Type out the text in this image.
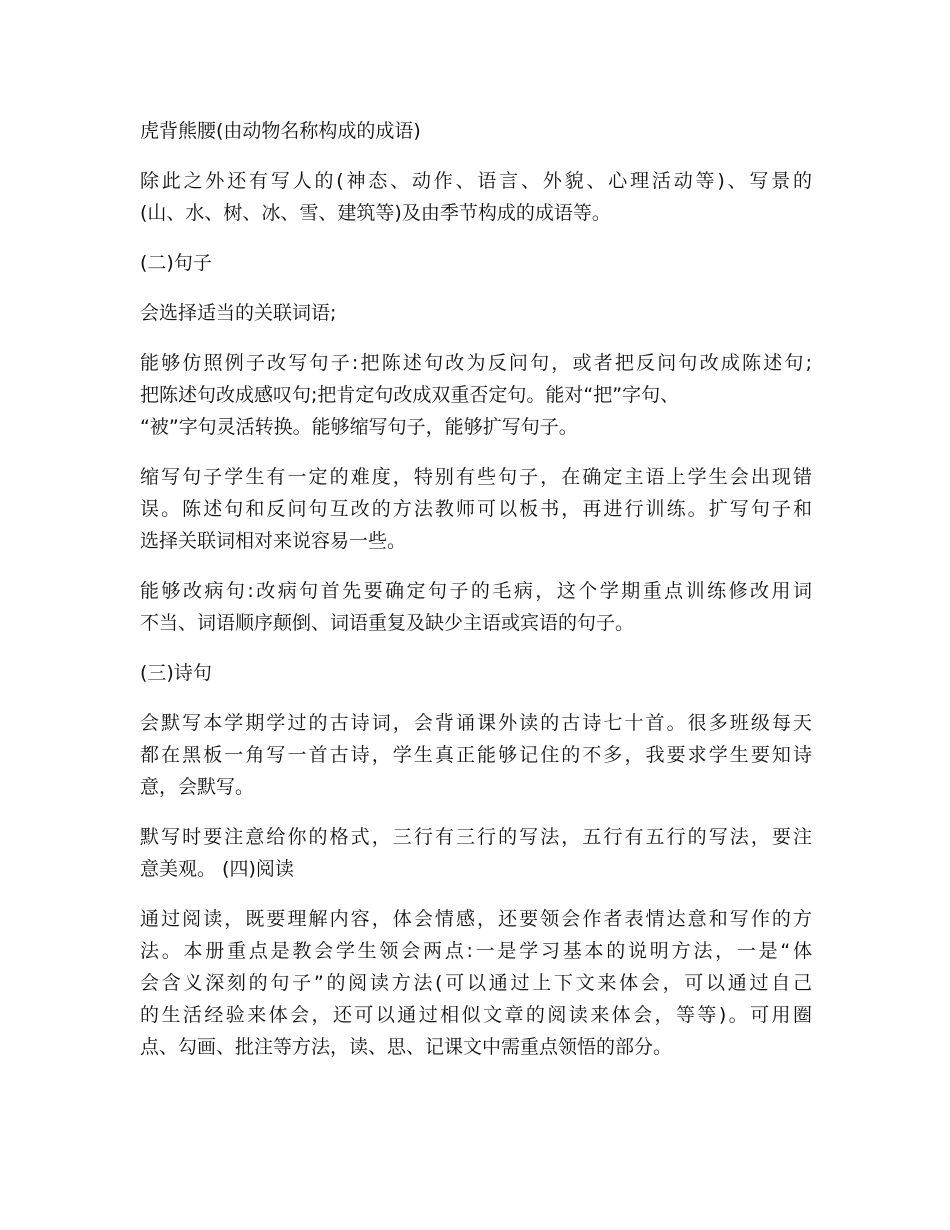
虎背熊腰(由动物名称构成的成语)

除此之外还有写人的(神态、动作、语言、外貌、心理活动等)、写景的
(山、水、树、冰、雪、建筑等)及由季节构成的成语等。

(二)句子

会选择适当的关联词语;

能够仿照例子改写句子:把陈述句改为反问句，或者把反问句改成陈述句;
把陈述句改成感叹句;把肯定句改成双重否定句。能对“把”字句、
“被”字句灵活转换。能够缩写句子，能够扩写句子。

缩写句子学生有一定的难度，特别有些句子，在确定主语上学生会出现错
误。陈述句和反问句互改的方法教师可以板书，再进行训练。扩写句子和
选择关联词相对来说容易一些。

能够改病句:改病句首先要确定句子的毛病，这个学期重点训练修改用词
不当、词语顺序颠倒、词语重复及缺少主语或宾语的句子。

(三)诗句

会默写本学期学过的古诗词，会背诵课外读的古诗七十首。很多班级每天
都在黑板一角写一首古诗，学生真正能够记住的不多，我要求学生要知诗
意，会默写。

默写时要注意给你的格式，三行有三行的写法，五行有五行的写法，要注
意美观。 (四)阅读

通过阅读，既要理解内容，体会情感，还要领会作者表情达意和写作的方
法。本册重点是教会学生领会两点:一是学习基本的说明方法，一是“体
会含义深刻的句子”的阅读方法(可以通过上下文来体会，可以通过自己
的生活经验来体会，还可以通过相似文章的阅读来体会，等等)。可用圈
点、勾画、批注等方法，读、思、记课文中需重点领悟的部分。
